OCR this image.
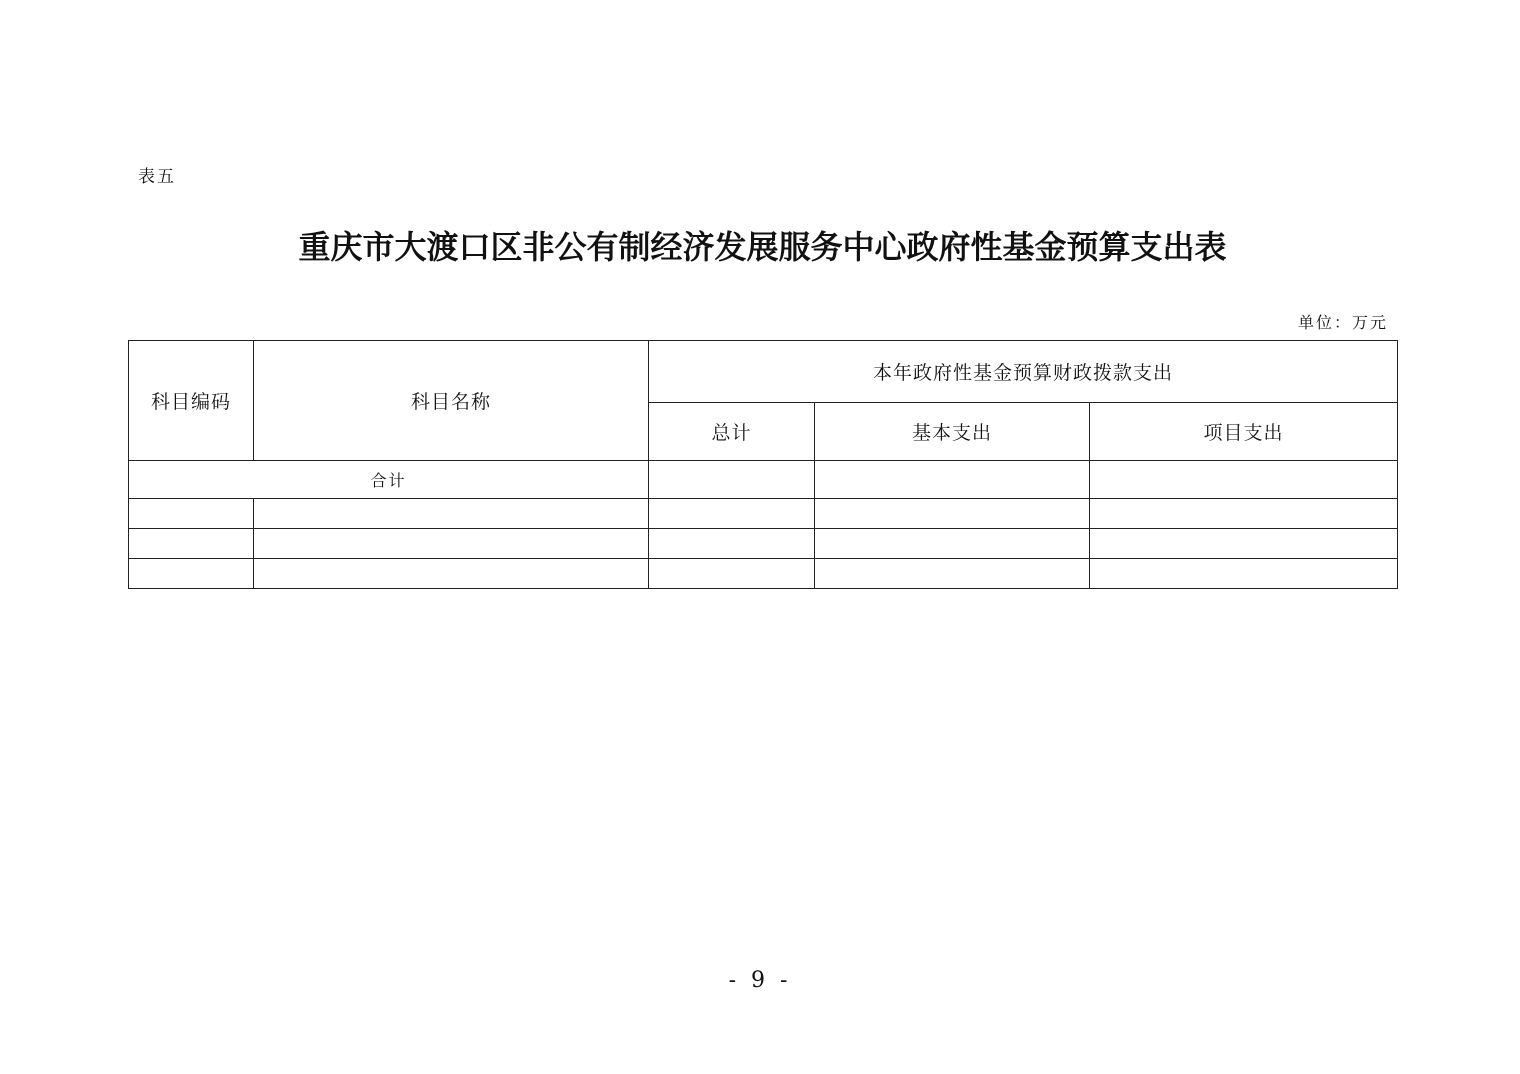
表五
重庆市大渡口区非公有制经济发展服务中心政府性基金预算支出表
单位：万元
科目编码	科目名称	本年政府性基金预算财政拨款支出		
		总计	基本支出	项目支出
合计				

- 9 -
